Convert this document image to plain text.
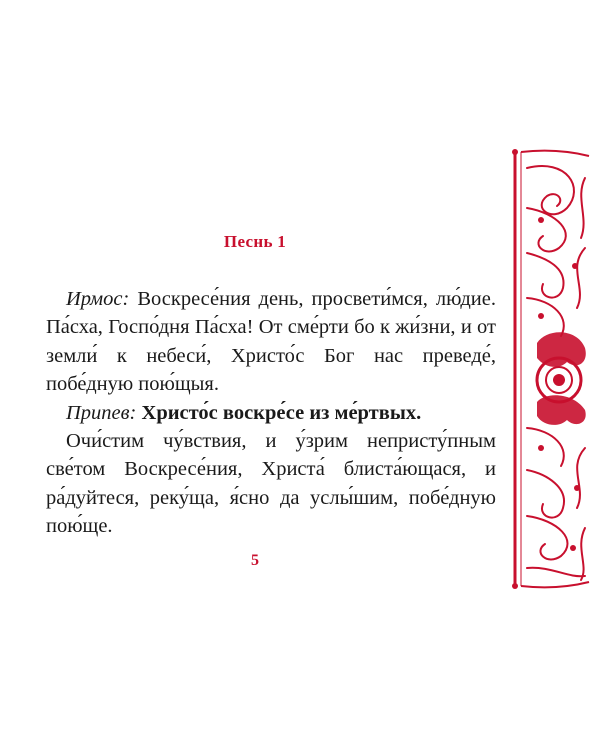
Песнь 1

Ирмос: Воскресе́ния день, просвети́мся, лю́дие. Па́сха, Госпо́дня Па́сха! От сме́рти бо к жи́зни, и от земли́ к небеси́, Христо́с Бог нас преведе́, побе́дную пою́щыя.

Припев: Христо́с воскре́се из ме́ртвых.

Очи́стим чу́вствия, и у́зрим непристу́пным све́том Воскресе́ния, Христа́ блиста́ющася, и ра́дуйтеся, реку́ща, я́сно да услы́шим, побе́дную пою́ще.

5
